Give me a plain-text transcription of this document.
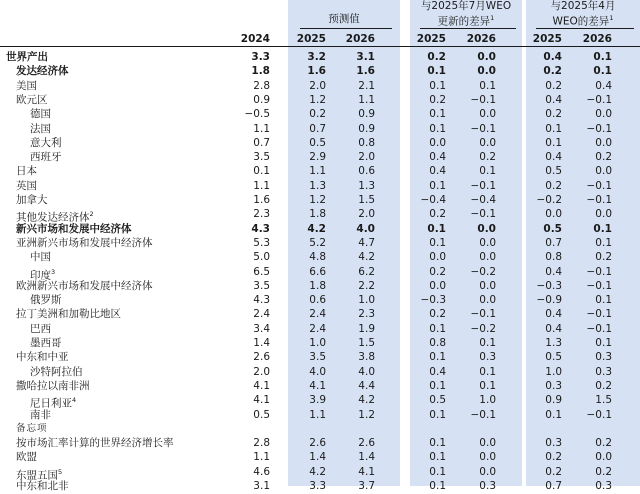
预测值
与2025年7月WEO
更新的差异$^1$
与2025年4月
WEO的差异$^1$
2024	2025 2026	2025 2026	2025 2026
世界产出	3.3	3.2	3.1	0.2	0.0	0.4	0.1
发达经济体	1.8	1.6	1.6	0.1	0.0	0.2	0.1
美国	2.8	2.0	2.1	0.1	0.1	0.2	0.4
欧元区	0.9	1.2	1.1	0.2	−0.1	0.4	−0.1
德国	−0.5	0.2	0.9	0.1	0.0	0.2	0.0
法国	1.1	0.7	0.9	0.1	−0.1	0.1	−0.1
意大利	0.7	0.5	0.8	0.0	0.0	0.1	0.0
西班牙	3.5	2.9	2.0	0.4	0.2	0.4	0.2
日本	0.1	1.1	0.6	0.4	0.1	0.5	0.0
英国	1.1	1.3	1.3	0.1	−0.1	0.2	−0.1
加拿大	1.6	1.2	1.5	−0.4	−0.4	−0.2	−0.1
其他发达经济体$^2$	2.3	1.8	2.0	0.2	−0.1	0.0	0.0
新兴市场和发展中经济体	4.3	4.2	4.0	0.1	0.0	0.5	0.1
亚洲新兴市场和发展中经济体	5.3	5.2	4.7	0.1	0.0	0.7	0.1
中国	5.0	4.8	4.2	0.0	0.0	0.8	0.2
印度$^3$	6.5	6.6	6.2	0.2	−0.2	0.4	−0.1
欧洲新兴市场和发展中经济体	3.5	1.8	2.2	0.0	0.0	−0.3	−0.1
俄罗斯	4.3	0.6	1.0	−0.3	0.0	−0.9	0.1
拉丁美洲和加勒比地区	2.4	2.4	2.3	0.2	−0.1	0.4	−0.1
巴西	3.4	2.4	1.9	0.1	−0.2	0.4	−0.1
墨西哥	1.4	1.0	1.5	0.8	0.1	1.3	0.1
中东和中亚	2.6	3.5	3.8	0.1	0.3	0.5	0.3
沙特阿拉伯	2.0	4.0	4.0	0.4	0.1	1.0	0.3
撒哈拉以南非洲	4.1	4.1	4.4	0.1	0.1	0.3	0.2
尼日利亚$^4$	4.1	3.9	4.2	0.5	1.0	0.9	1.5
南非	0.5	1.1	1.2	0.1	−0.1	0.1	−0.1
备忘项
按市场汇率计算的世界经济增长率	2.8	2.6	2.6	0.1	0.0	0.3	0.2
欧盟	1.1	1.4	1.4	0.1	0.0	0.2	0.0
东盟五国$^5$	4.6	4.2	4.1	0.1	0.0	0.2	0.2
中东和北非	3.1	3.3	3.7	0.1	0.3	0.7	0.3
